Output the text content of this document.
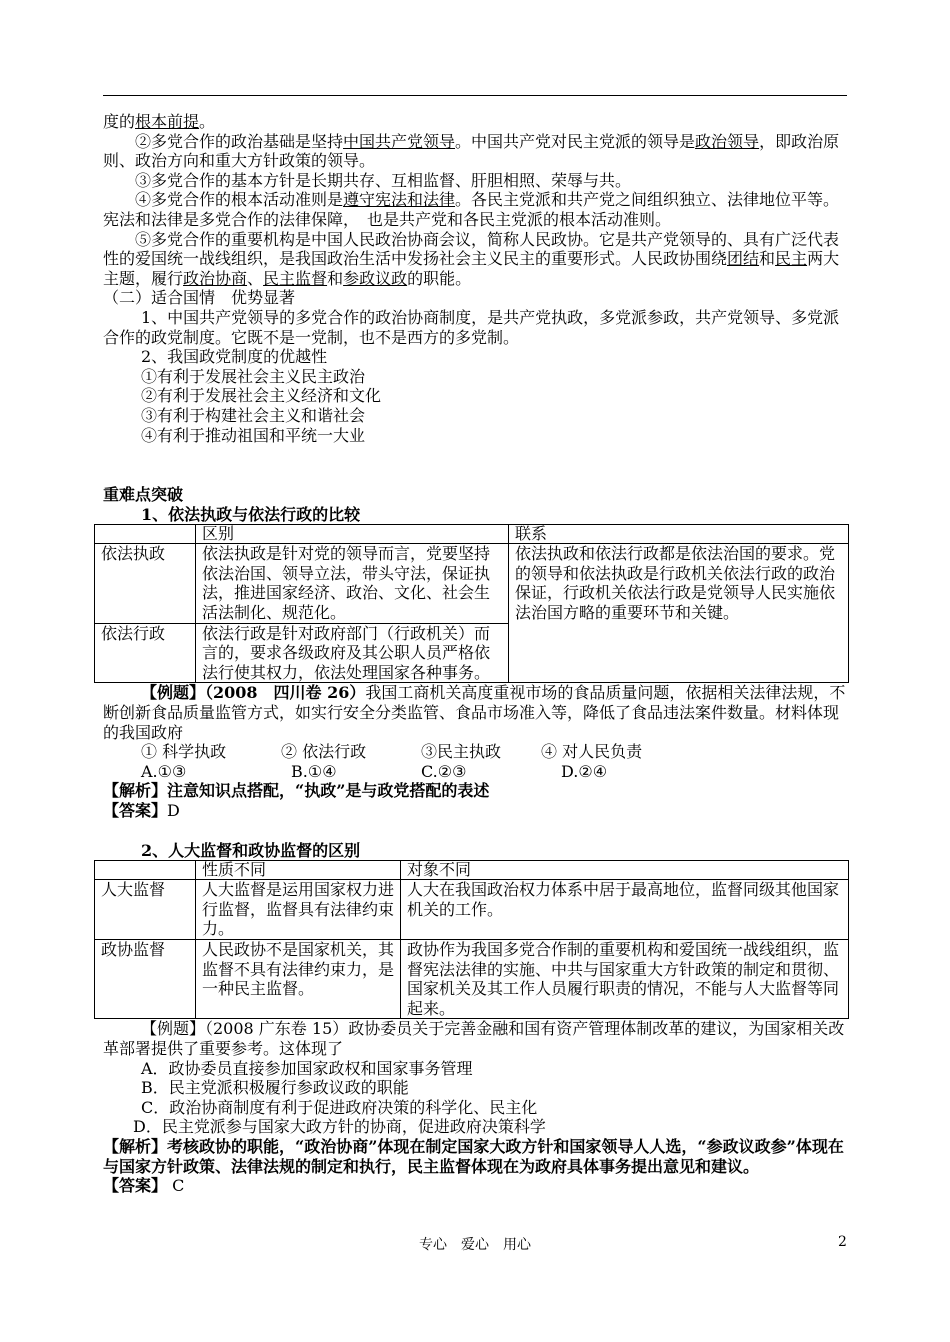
度的根本前提。

②多党合作的政治基础是坚持中国共产党领导。中国共产党对民主党派的领导是政治领导，即政治原则、政治方向和重大方针政策的领导。

③多党合作的基本方针是长期共存、互相监督、肝胆相照、荣辱与共。

④多党合作的根本活动准则是遵守宪法和法律。各民主党派和共产党之间组织独立、法律地位平等。宪法和法律是多党合作的法律保障，　也是共产党和各民主党派的根本活动准则。

⑤多党合作的重要机构是中国人民政治协商会议，简称人民政协。它是共产党领导的、具有广泛代表性的爱国统一战线组织，是我国政治生活中发扬社会主义民主的重要形式。人民政协围绕团结和民主两大主题，履行政治协商、民主监督和参政议政的职能。

（二）适合国情　优势显著

1、中国共产党领导的多党合作的政治协商制度，是共产党执政，多党派参政，共产党领导、多党派合作的政党制度。它既不是一党制，也不是西方的多党制。

2、我国政党制度的优越性

①有利于发展社会主义民主政治

②有利于发展社会主义经济和文化

③有利于构建社会主义和谐社会

④有利于推动祖国和平统一大业

重难点突破

1、依法执政与依法行政的比较

	区别	联系
依法执政	依法执政是针对党的领导而言，党要坚持依法治国、领导立法，带头守法，保证执法，推进国家经济、政治、文化、社会生活法制化、规范化。	依法执政和依法行政都是依法治国的要求。党的领导和依法执政是行政机关依法行政的政治保证，行政机关依法行政是党领导人民实施依法治国方略的重要环节和关键。
依法行政	依法行政是针对政府部门（行政机关）而言的，要求各级政府及其公职人员严格依法行使其权力，依法处理国家各种事务。	

【例题】（2008　四川卷 26）我国工商机关高度重视市场的食品质量问题，依据相关法律法规，不断创新食品质量监管方式，如实行安全分类监管、食品市场准入等，降低了食品违法案件数量。材料体现的我国政府

① 科学执政	② 依法行政	③民主执政 ④ 对人民负责

A.①③	B.①④	C.②③	D.②④

【解析】注意知识点搭配，“执政”是与政党搭配的表述

【答案】D

2、人大监督和政协监督的区别

	性质不同	对象不同
人大监督	人大监督是运用国家权力进行监督，监督具有法律约束力。	人大在我国政治权力体系中居于最高地位，监督同级其他国家机关的工作。
政协监督	人民政协不是国家机关，其监督不具有法律约束力，是一种民主监督。	政协作为我国多党合作制的重要机构和爱国统一战线组织，监督宪法法律的实施、中共与国家重大方针政策的制定和贯彻、国家机关及其工作人员履行职责的情况，不能与人大监督等同起来。

【例题】（2008 广东卷 15）政协委员关于完善金融和国有资产管理体制改革的建议，为国家相关改革部署提供了重要参考。这体现了

A．政协委员直接参加国家政权和国家事务管理

B．民主党派积极履行参政议政的职能

C．政治协商制度有利于促进政府决策的科学化、民主化

D．民主党派参与国家大政方针的协商，促进政府决策科学

【解析】考核政协的职能，“政治协商”体现在制定国家大政方针和国家领导人人选，“参政议政参”体现在与国家方针政策、法律法规的制定和执行，民主监督体现在为政府具体事务提出意见和建议。

【答案】 C

专心　爱心　用心	2
